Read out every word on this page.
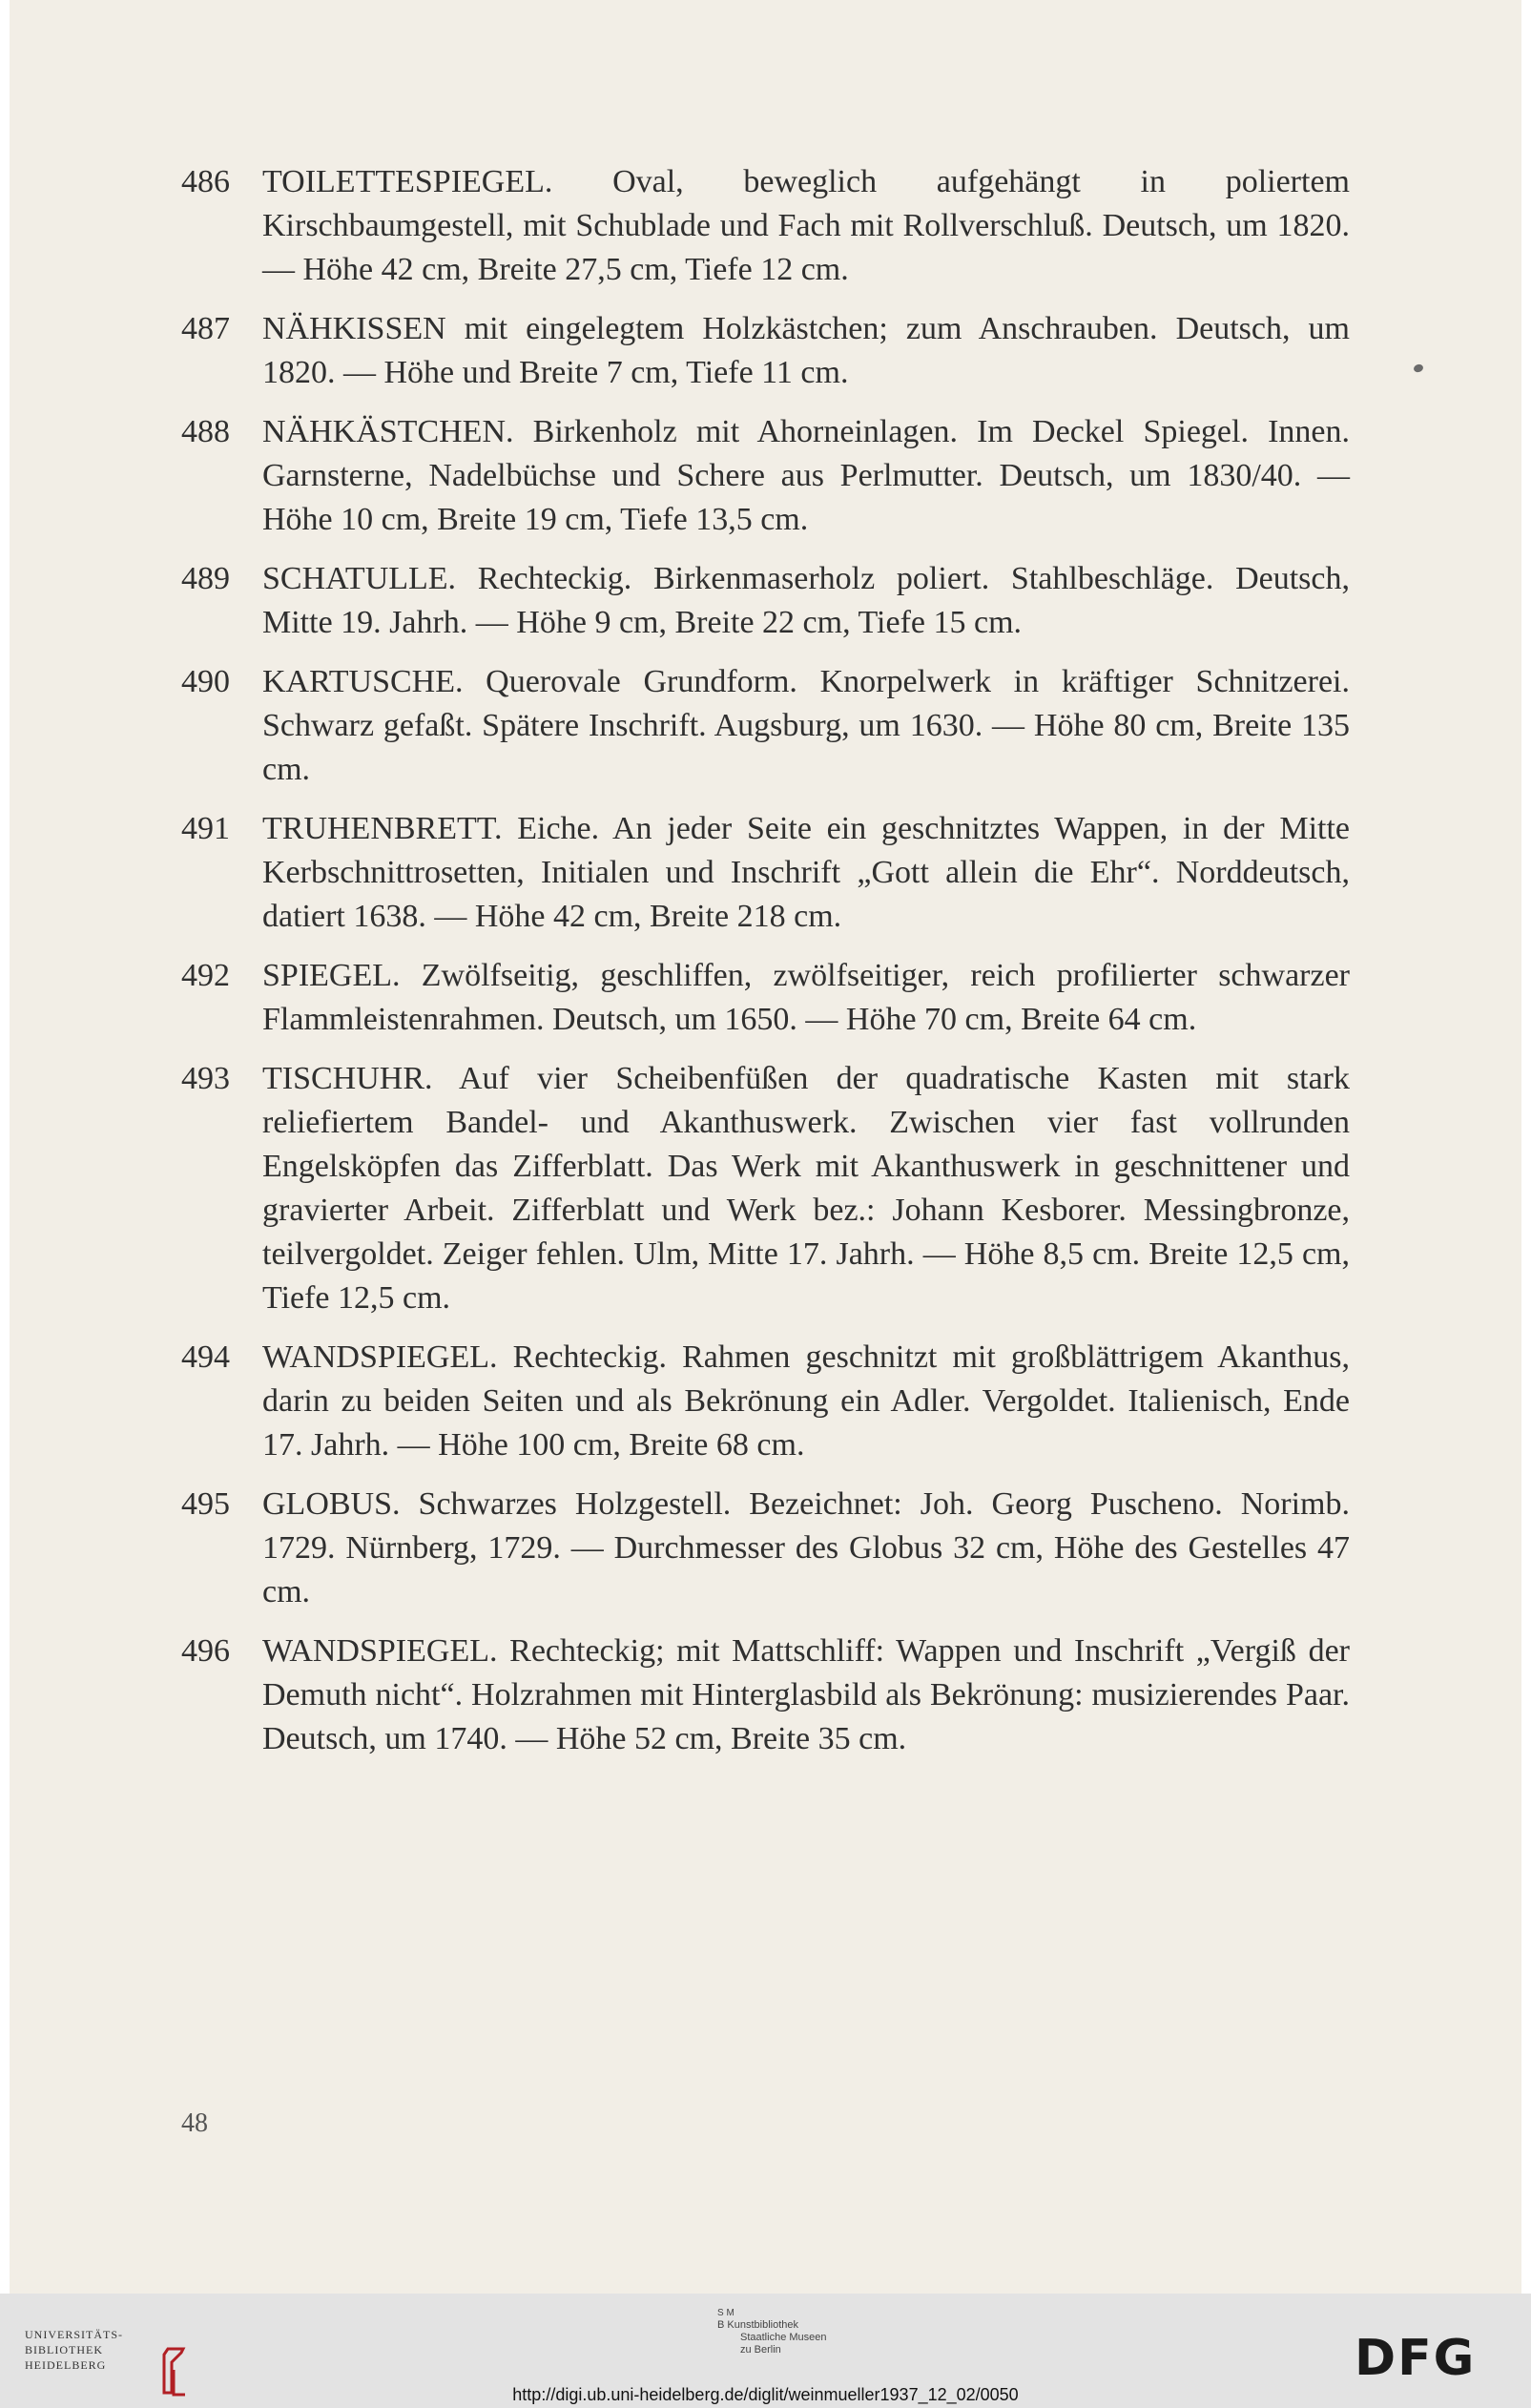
486 TOILETTESPIEGEL. Oval, beweglich aufgehängt in poliertem Kirschbaumgestell, mit Schublade und Fach mit Rollverschluß. Deutsch, um 1820. — Höhe 42 cm, Breite 27,5 cm, Tiefe 12 cm.
487 NÄHKISSEN mit eingelegtem Holzkästchen; zum Anschrauben. Deutsch, um 1820. — Höhe und Breite 7 cm, Tiefe 11 cm.
488 NÄHKÄSTCHEN. Birkenholz mit Ahorneinlagen. Im Deckel Spiegel. Innen. Garnsterne, Nadelbüchse und Schere aus Perlmutter. Deutsch, um 1830/40. — Höhe 10 cm, Breite 19 cm, Tiefe 13,5 cm.
489 SCHATULLE. Rechteckig. Birkenmaserholz poliert. Stahlbeschläge. Deutsch, Mitte 19. Jahrh. — Höhe 9 cm, Breite 22 cm, Tiefe 15 cm.
490 KARTUSCHE. Querovale Grundform. Knorpelwerk in kräftiger Schnitzerei. Schwarz gefaßt. Spätere Inschrift. Augsburg, um 1630. — Höhe 80 cm, Breite 135 cm.
491 TRUHENBRETT. Eiche. An jeder Seite ein geschnitztes Wappen, in der Mitte Kerbschnittrosetten, Initialen und Inschrift „Gott allein die Ehr“. Norddeutsch, datiert 1638. — Höhe 42 cm, Breite 218 cm.
492 SPIEGEL. Zwölfseitig, geschliffen, zwölfseitiger, reich profilierter schwarzer Flammleistenrahmen. Deutsch, um 1650. — Höhe 70 cm, Breite 64 cm.
493 TISCHUHR. Auf vier Scheibenfüßen der quadratische Kasten mit stark reliefiertem Bandel- und Akanthuswerk. Zwischen vier fast vollrunden Engelsköpfen das Zifferblatt. Das Werk mit Akanthuswerk in geschnittener und gravierter Arbeit. Zifferblatt und Werk bez.: Johann Kesborer. Messingbronze, teilvergoldet. Zeiger fehlen. Ulm, Mitte 17. Jahrh. — Höhe 8,5 cm. Breite 12,5 cm, Tiefe 12,5 cm.
494 WANDSPIEGEL. Rechteckig. Rahmen geschnitzt mit großblättrigem Akanthus, darin zu beiden Seiten und als Bekrönung ein Adler. Vergoldet. Italienisch, Ende 17. Jahrh. — Höhe 100 cm, Breite 68 cm.
495 GLOBUS. Schwarzes Holzgestell. Bezeichnet: Joh. Georg Puscheno. Norimb. 1729. Nürnberg, 1729. — Durchmesser des Globus 32 cm, Höhe des Gestelles 47 cm.
496 WANDSPIEGEL. Rechteckig; mit Mattschliff: Wappen und Inschrift „Vergiß der Demuth nicht“. Holzrahmen mit Hinterglasbild als Bekrönung: musizierendes Paar. Deutsch, um 1740. — Höhe 52 cm, Breite 35 cm.
48
UNIVERSITÄTS-
BIBLIOTHEK
HEIDELBERG
S M
B Kunstbibliothek
Staatliche Museen
zu Berlin	DFG
http://digi.ub.uni-heidelberg.de/diglit/weinmueller1937_12_02/0050
